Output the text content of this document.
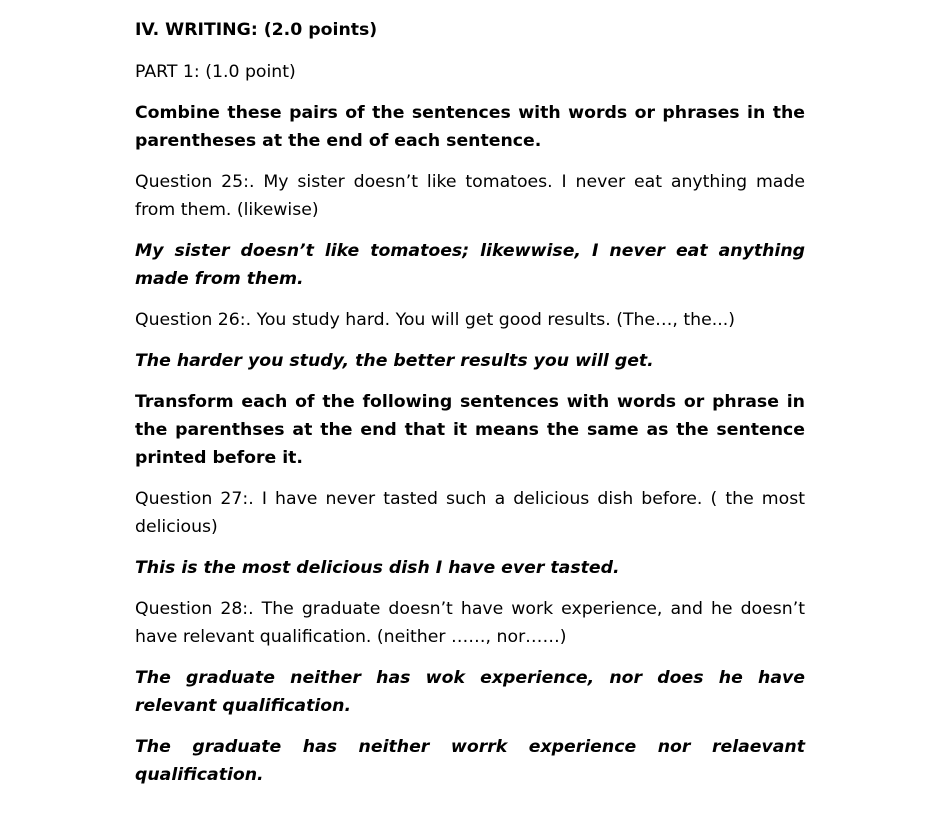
IV. WRITING: (2.0 points)

PART 1: (1.0 point)

Combine these pairs of the sentences with words or phrases in the parentheses at the end of each sentence.

Question 25:. My sister doesn’t like tomatoes. I never eat anything made from them. (likewise)

My sister doesn’t like tomatoes; likewwise, I never eat anything made from them.

Question 26:. You study hard. You will get good results. (The…, the...)

The harder you study, the better results you will get.

Transform each of the following sentences with words or phrase in the parenthses at the end that it means the same as the sentence printed before it.

Question 27:. I have never tasted such a delicious dish before. ( the most delicious)

This is the most delicious dish I have ever tasted.

Question 28:. The graduate doesn’t have work experience, and he doesn’t have relevant qualification. (neither ……, nor……)

The graduate neither has wok experience, nor does he have relevant qualification.

The graduate has neither worrk experience nor relaevant qualification.
